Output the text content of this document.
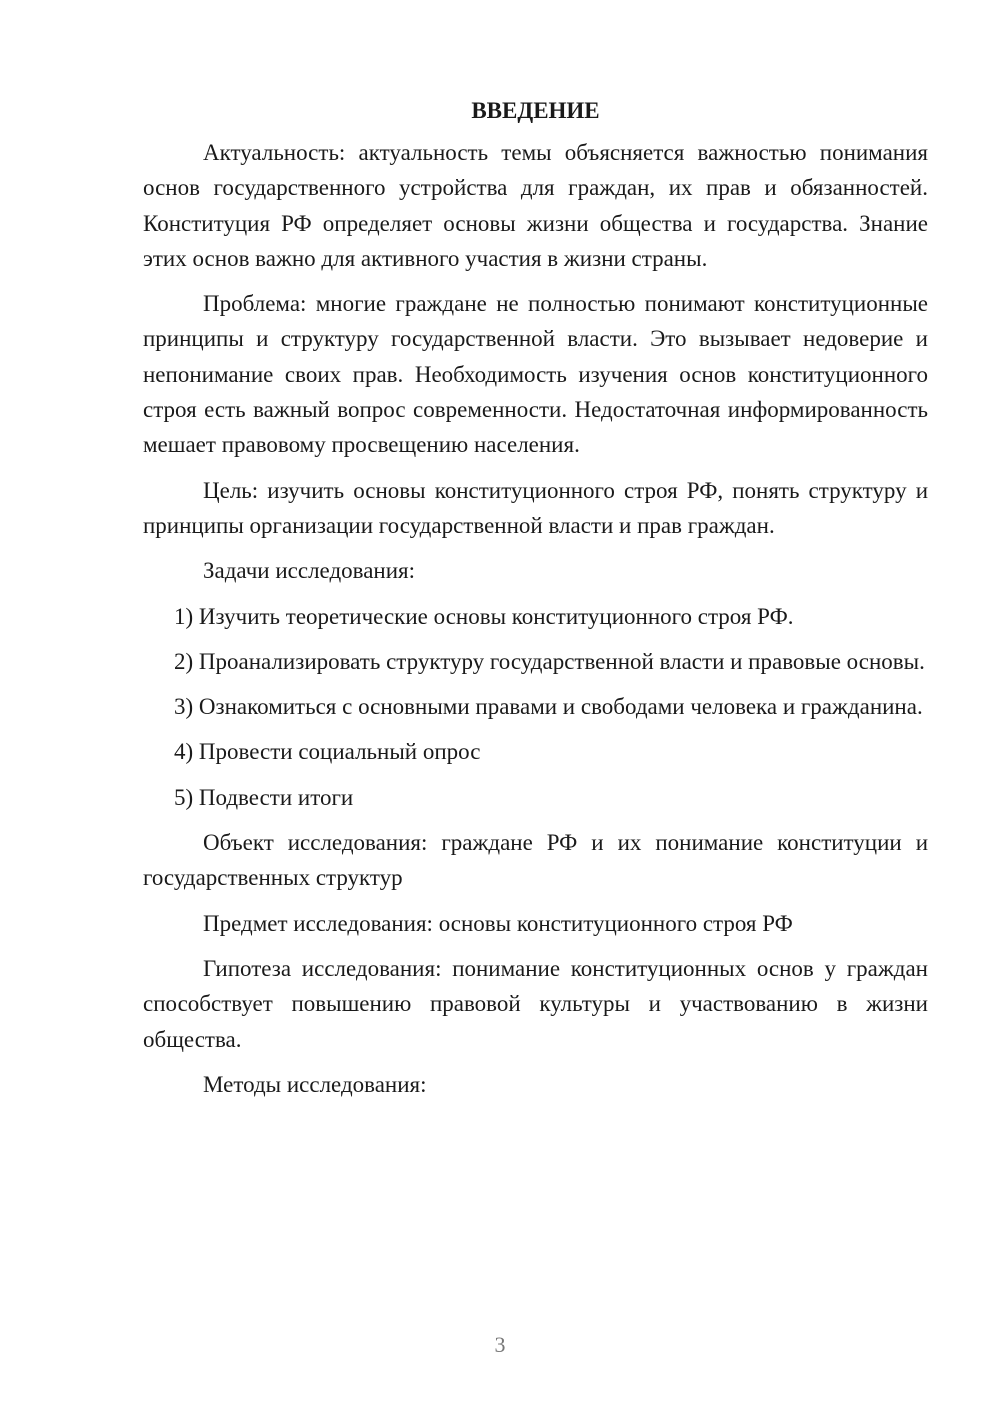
ВВЕДЕНИЕ

Актуальность: актуальность темы объясняется важностью понимания основ государственного устройства для граждан, их прав и обязанностей. Конституция РФ определяет основы жизни общества и государства. Знание этих основ важно для активного участия в жизни страны.

Проблема: многие граждане не полностью понимают конституционные принципы и структуру государственной власти. Это вызывает недоверие и непонимание своих прав. Необходимость изучения основ конституционного строя есть важный вопрос современности. Недостаточная информированность мешает правовому просвещению населения.

Цель: изучить основы конституционного строя РФ, понять структуру и принципы организации государственной власти и прав граждан.

Задачи исследования:

1) Изучить теоретические основы конституционного строя РФ.

2) Проанализировать структуру государственной власти и правовые основы.

3) Ознакомиться с основными правами и свободами человека и гражданина.

4) Провести социальный опрос

5) Подвести итоги

Объект исследования: граждане РФ и их понимание конституции и государственных структур

Предмет исследования: основы конституционного строя РФ

Гипотеза исследования: понимание конституционных основ у граждан способствует повышению правовой культуры и участвованию в жизни общества.

Методы исследования:

3
